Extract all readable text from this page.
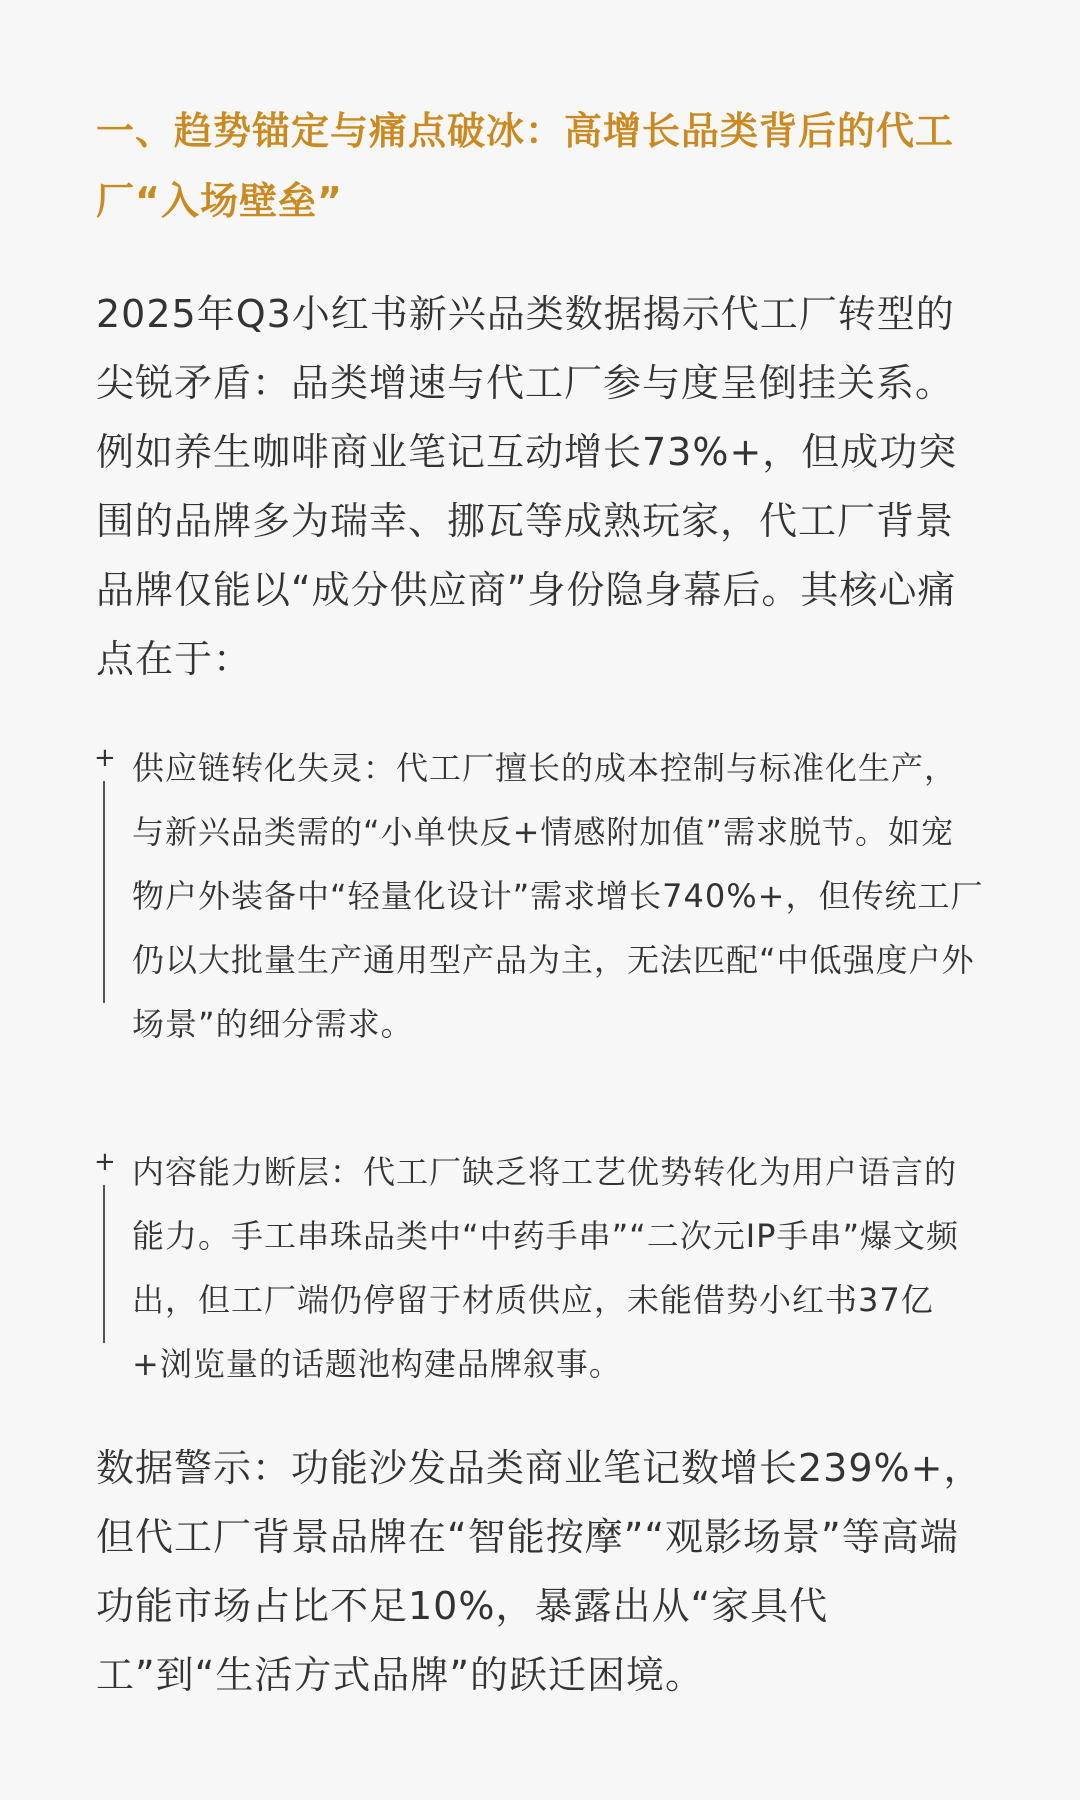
一、趋势锚定与痛点破冰：高增长品类背后的代工厂“入场壁垒”

2025年Q3小红书新兴品类数据揭示代工厂转型的尖锐矛盾：品类增速与代工厂参与度呈倒挂关系。例如养生咖啡商业笔记互动增长73%+，但成功突围的品牌多为瑞幸、挪瓦等成熟玩家，代工厂背景品牌仅能以“成分供应商”身份隐身幕后。其核心痛点在于：

+ 供应链转化失灵：代工厂擅长的成本控制与标准化生产，与新兴品类需的“小单快反+情感附加值”需求脱节。如宠物户外装备中“轻量化设计”需求增长740%+，但传统工厂仍以大批量生产通用型产品为主，无法匹配“中低强度户外场景”的细分需求。
+ 内容能力断层：代工厂缺乏将工艺优势转化为用户语言的能力。手工串珠品类中“中药手串”“二次元IP手串”爆文频出，但工厂端仍停留于材质供应，未能借势小红书37亿+浏览量的话题池构建品牌叙事。

数据警示：功能沙发品类商业笔记数增长239%+，但代工厂背景品牌在“智能按摩”“观影场景”等高端功能市场占比不足10%，暴露出从“家具代工”到“生活方式品牌”的跃迁困境。
